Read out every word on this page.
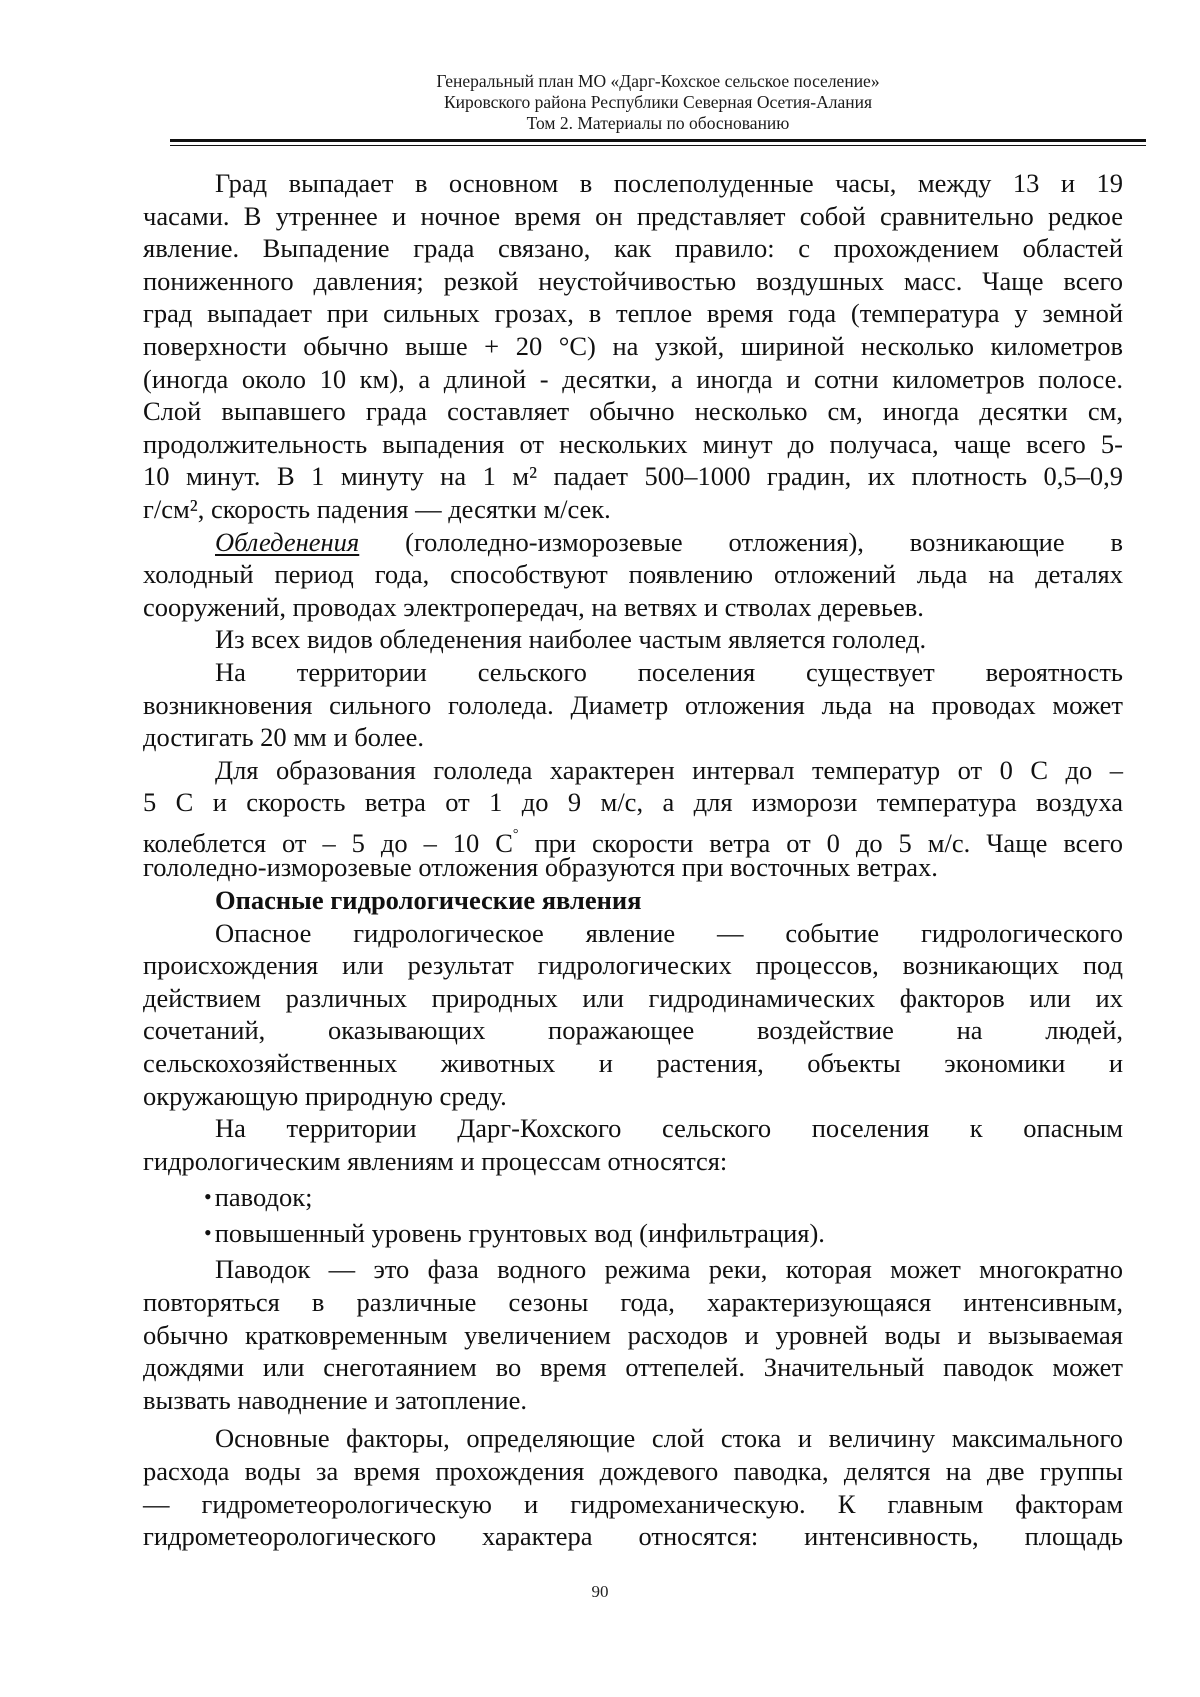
Генеральный план МО «Дарг-Кохское сельское поселение»
Кировского района Республики Северная Осетия-Алания
Том 2. Материалы по обоснованию
Град выпадает в основном в послеполуденные часы, между 13 и 19
часами. В утреннее и ночное время он представляет собой сравнительно редкое
явление. Выпадение града связано, как правило: с прохождением областей
пониженного давления; резкой неустойчивостью воздушных масс. Чаще всего
град выпадает при сильных грозах, в теплое время года (температура у земной
поверхности обычно выше + 20 °C) на узкой, шириной несколько километров
(иногда около 10 км), а длиной - десятки, а иногда и сотни километров полосе.
Слой выпавшего града составляет обычно несколько см, иногда десятки см,
продолжительность выпадения от нескольких минут до получаса, чаще всего 5-
10 минут. В 1 минуту на 1 м² падает 500–1000 градин, их плотность 0,5–0,9
г/см², скорость падения — десятки м/сек.
Обледенения (гололедно-изморозевые отложения), возникающие в
холодный период года, способствуют появлению отложений льда на деталях
сооружений, проводах электропередач, на ветвях и стволах деревьев.
Из всех видов обледенения наиболее частым является гололед.
На территории сельского поселения существует вероятность
возникновения сильного гололеда. Диаметр отложения льда на проводах может
достигать 20 мм и более.
Для образования гололеда характерен интервал температур от 0 С до –
5 С и скорость ветра от 1 до 9 м/с, а для изморози температура воздуха
колеблется от – 5 до – 10 С° при скорости ветра от 0 до 5 м/с. Чаще всего
гололедно-изморозевые отложения образуются при восточных ветрах.
Опасные гидрологические явления
Опасное гидрологическое явление — событие гидрологического
происхождения или результат гидрологических процессов, возникающих под
действием различных природных или гидродинамических факторов или их
сочетаний, оказывающих поражающее воздействие на людей,
сельскохозяйственных животных и растения, объекты экономики и
окружающую природную среду.
На территории Дарг-Кохского сельского поселения к опасным
гидрологическим явлениям и процессам относятся:
• паводок;
• повышенный уровень грунтовых вод (инфильтрация).
Паводок — это фаза водного режима реки, которая может многократно
повторяться в различные сезоны года, характеризующаяся интенсивным,
обычно кратковременным увеличением расходов и уровней воды и вызываемая
дождями или снеготаянием во время оттепелей. Значительный паводок может
вызвать наводнение и затопление.
Основные факторы, определяющие слой стока и величину максимального
расхода воды за время прохождения дождевого паводка, делятся на две группы
— гидрометеорологическую и гидромеханическую. К главным факторам
гидрометеорологического характера относятся: интенсивность, площадь
90
